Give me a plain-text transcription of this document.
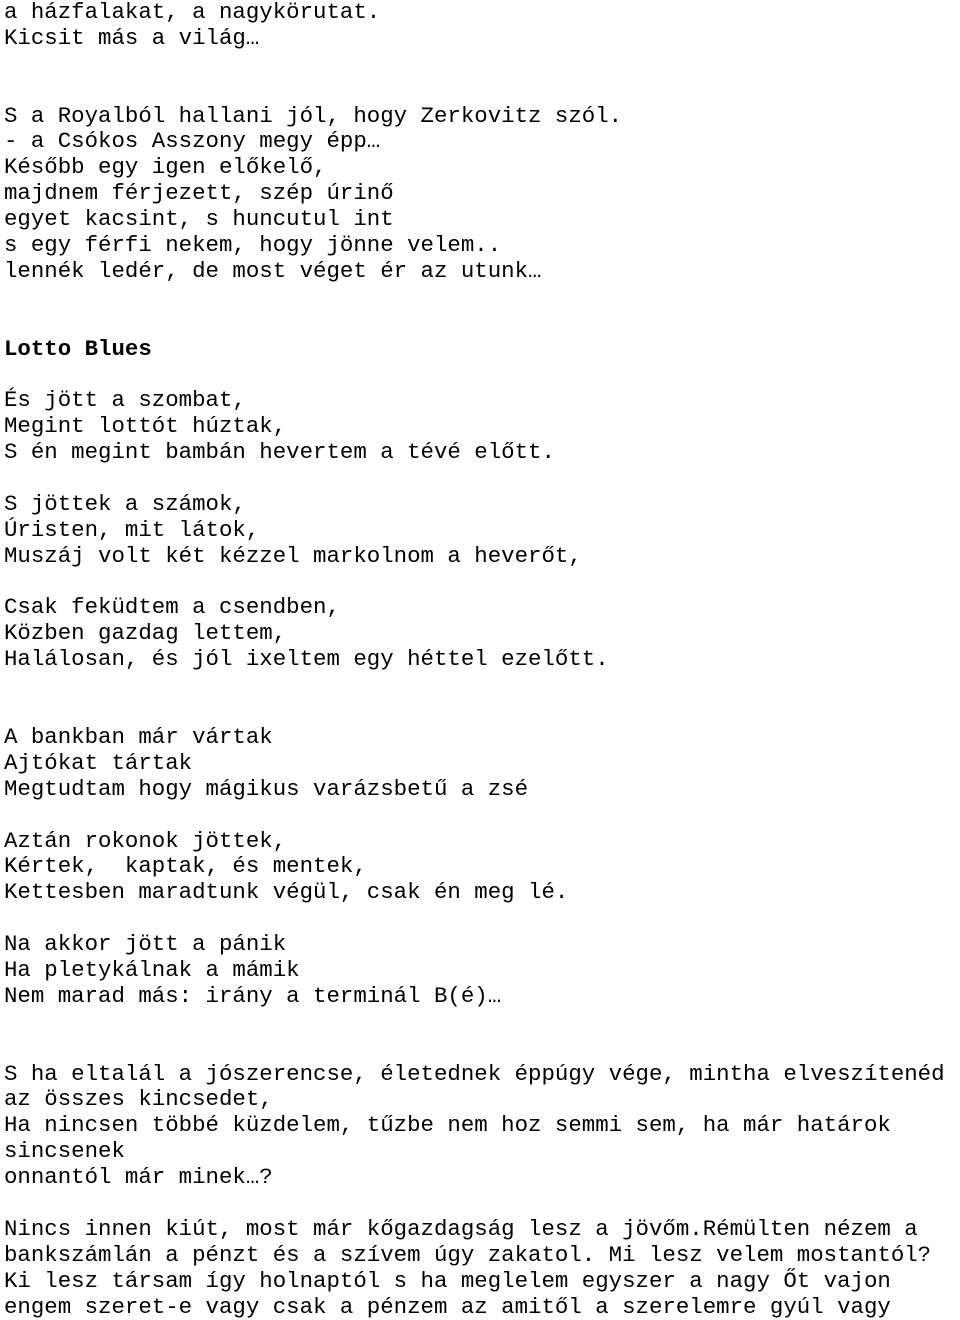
a házfalakat, a nagykörutat.
Kicsit más a világ…
S a Royalból hallani jól, hogy Zerkovitz szól.
- a Csókos Asszony megy épp…
Később egy igen előkelő,
majdnem férjezett, szép úrinő
egyet kacsint, s huncutul int
s egy férfi nekem, hogy jönne velem..
lennék ledér, de most véget ér az utunk…
Lotto Blues
És jött a szombat,
Megint lottót húztak,
S én megint bambán hevertem a tévé előtt.
S jöttek a számok,
Úristen, mit látok,
Muszáj volt két kézzel markolnom a heverőt,
Csak feküdtem a csendben,
Közben gazdag lettem,
Halálosan, és jól ixeltem egy héttel ezelőtt.
A bankban már vártak
Ajtókat tártak
Megtudtam hogy mágikus varázsbetű a zsé
Aztán rokonok jöttek,
Kértek,  kaptak, és mentek,
Kettesben maradtunk végül, csak én meg lé.
Na akkor jött a pánik
Ha pletykálnak a mámik
Nem marad más: irány a terminál B(é)…
S ha eltalál a jószerencse, életednek éppúgy vége, mintha elveszítenéd
az összes kincsedet,
Ha nincsen többé küzdelem, tűzbe nem hoz semmi sem, ha már határok
sincsenek
onnantól már minek…?
Nincs innen kiút, most már kőgazdagság lesz a jövőm.Rémülten nézem a
bankszámlán a pénzt és a szívem úgy zakatol. Mi lesz velem mostantól?
Ki lesz társam így holnaptól s ha meglelem egyszer a nagy Őt vajon
engem szeret-e vagy csak a pénzem az amitől a szerelemre gyúl vagy
